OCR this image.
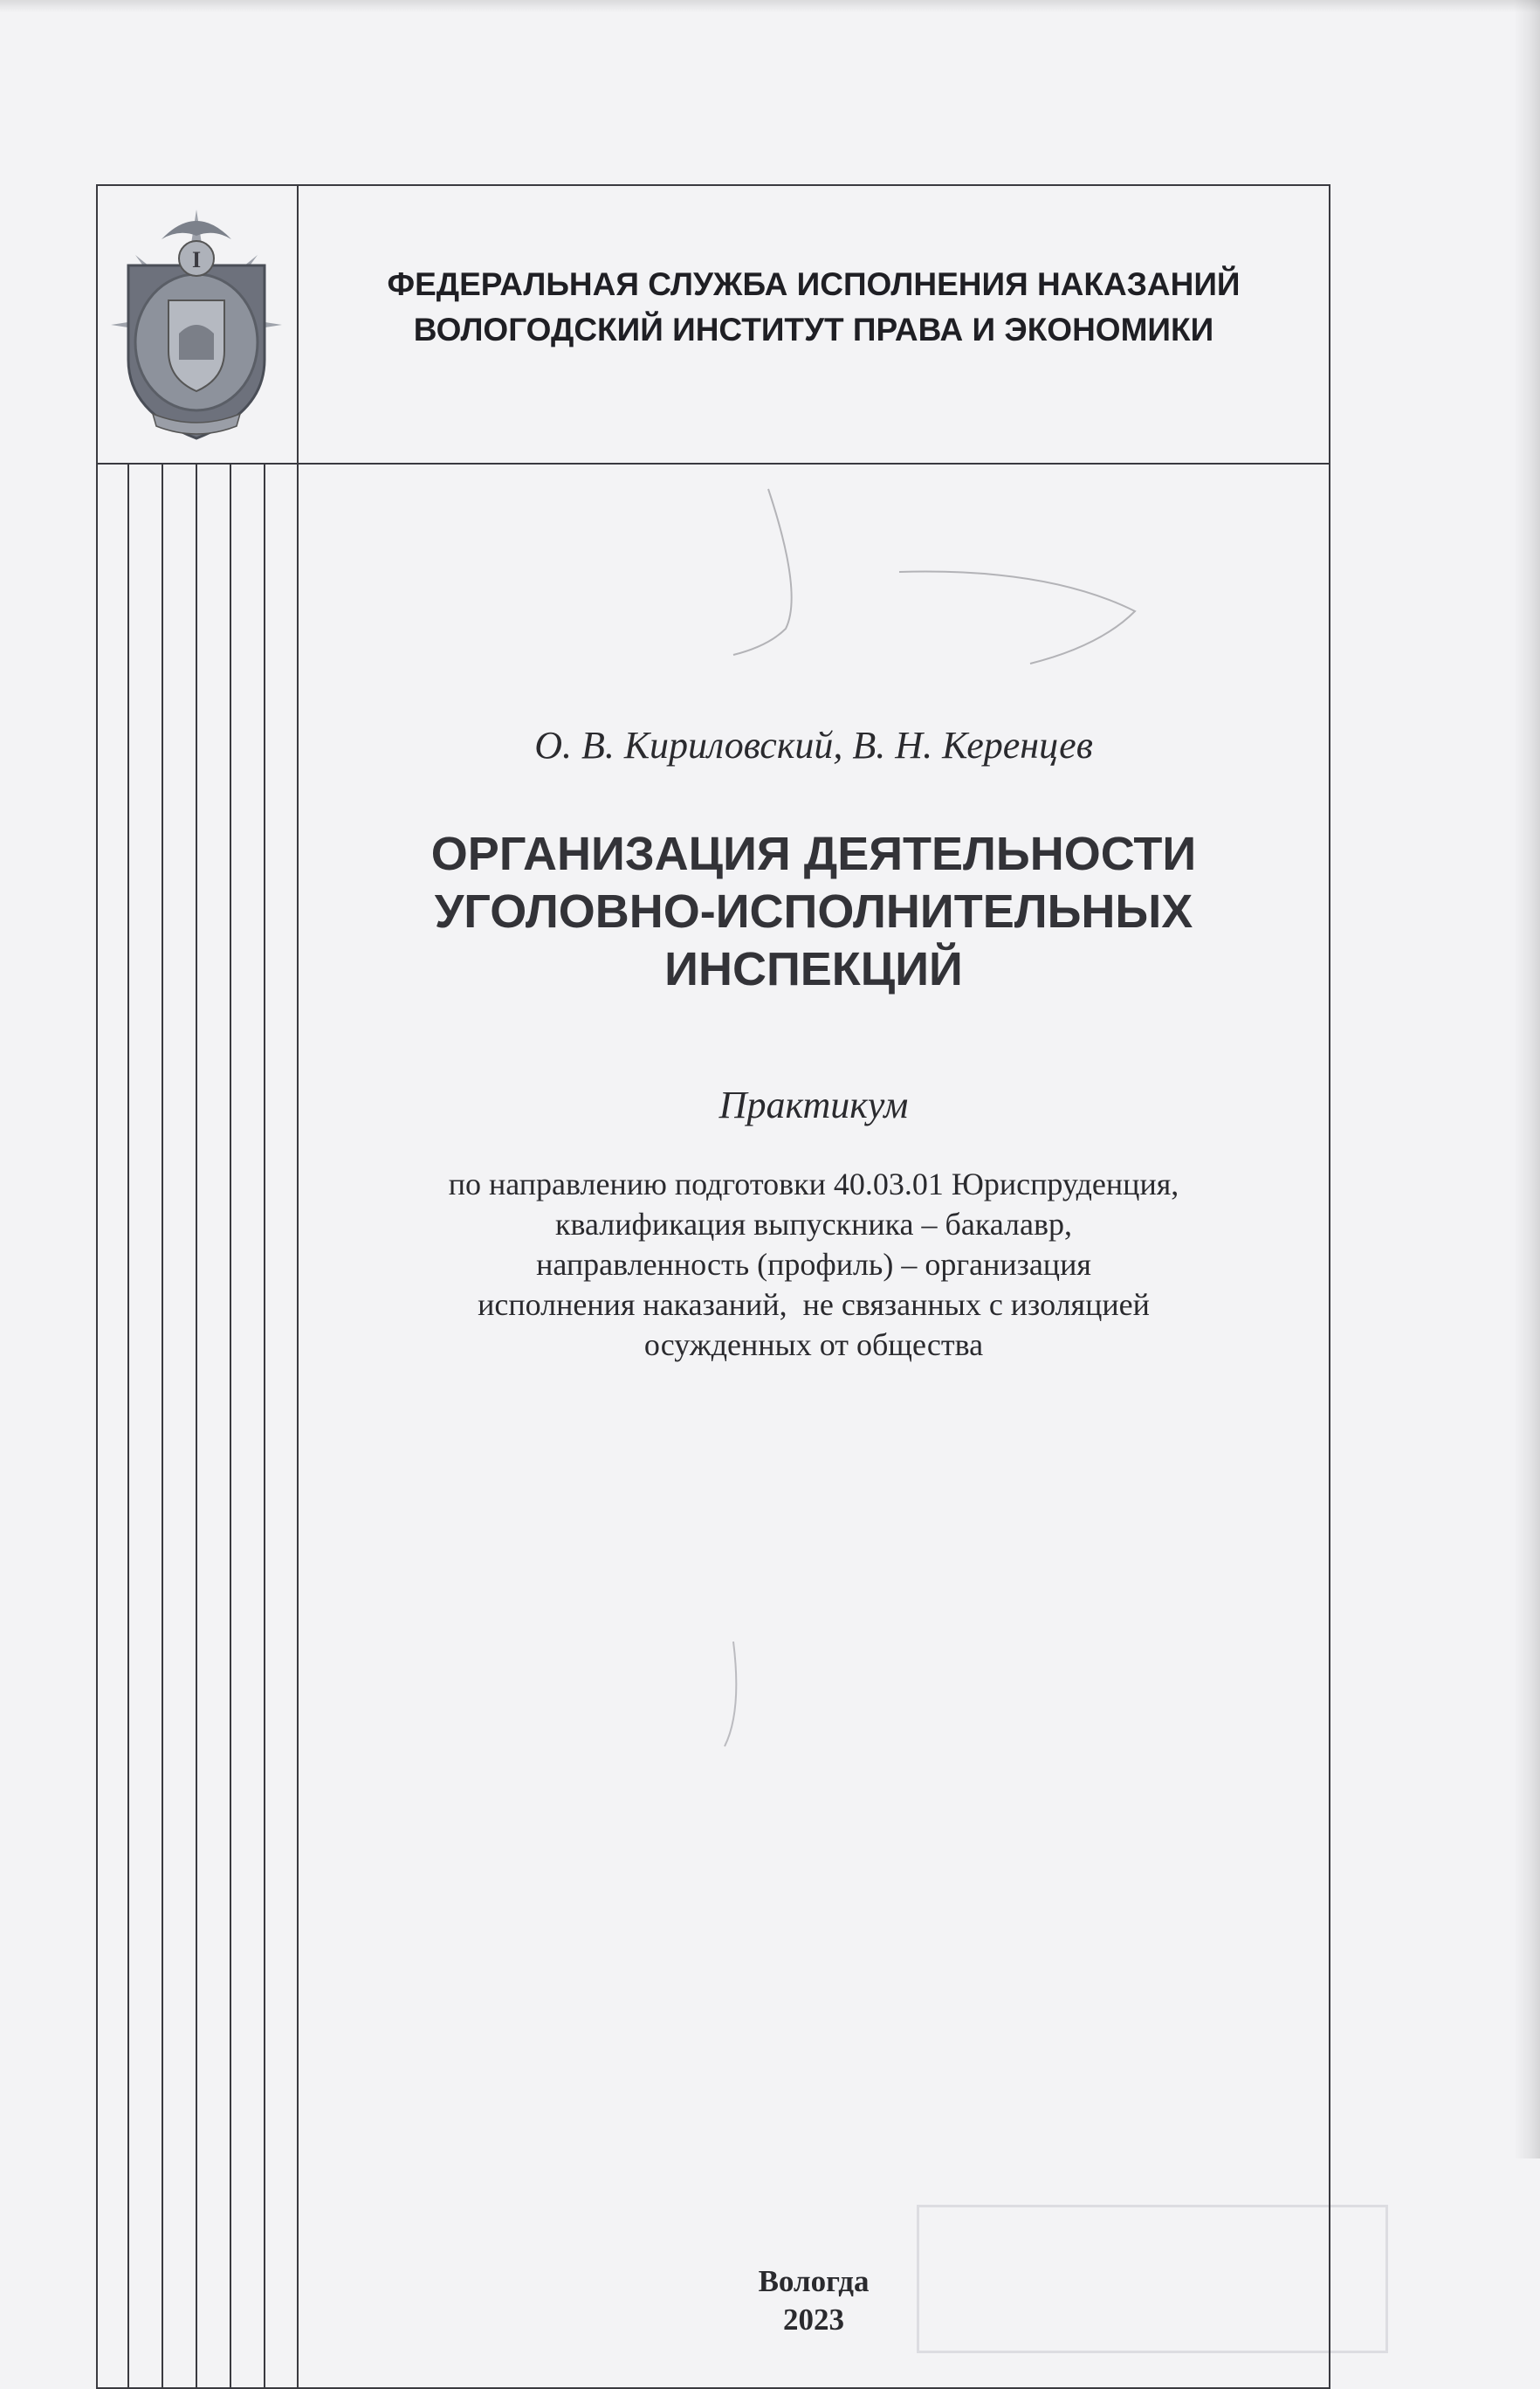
I
ФЕДЕРАЛЬНАЯ СЛУЖБА ИСПОЛНЕНИЯ НАКАЗАНИЙ
ВОЛОГОДСКИЙ ИНСТИТУТ ПРАВА И ЭКОНОМИКИ
О. В. Кириловский, В. Н. Керенцев
ОРГАНИЗАЦИЯ ДЕЯТЕЛЬНОСТИ
УГОЛОВНО-ИСПОЛНИТЕЛЬНЫХ
ИНСПЕКЦИЙ
Практикум
по направлению подготовки 40.03.01 Юриспруденция,
квалификация выпускника – бакалавр,
направленность (профиль) – организация
исполнения наказаний,  не связанных с изоляцией
осужденных от общества
Вологда
2023
